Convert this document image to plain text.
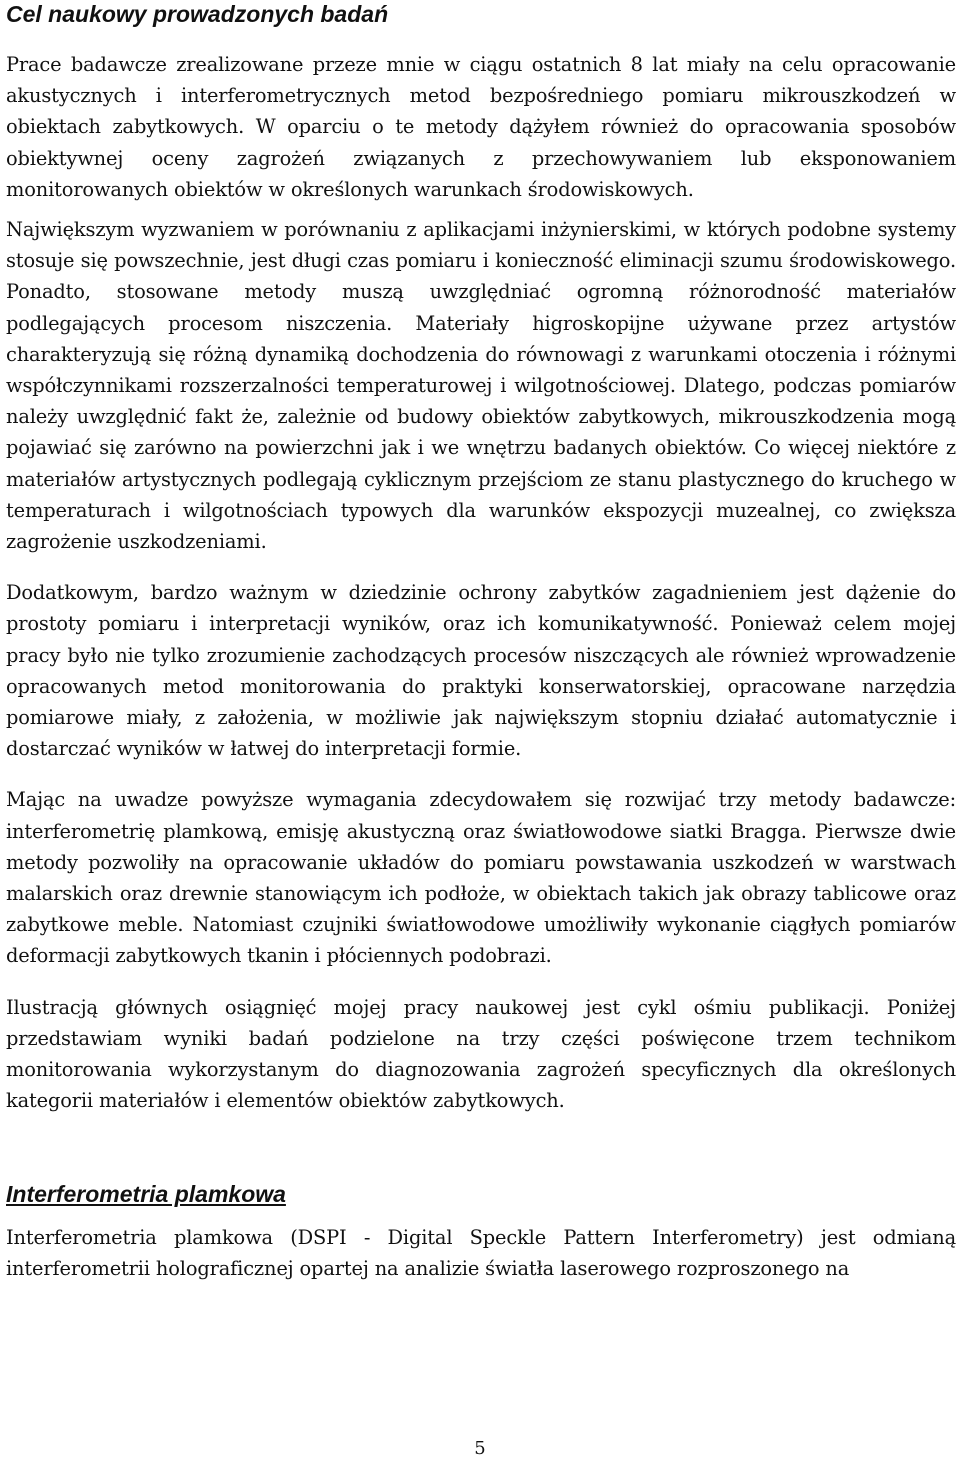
Cel naukowy prowadzonych badań

Prace badawcze zrealizowane przeze mnie w ciągu ostatnich 8 lat miały na celu opracowanie akustycznych i interferometrycznych metod bezpośredniego pomiaru mikrouszkodzeń w obiektach zabytkowych. W oparciu o te metody dążyłem również do opracowania sposobów obiektywnej oceny zagrożeń związanych z przechowywaniem lub eksponowaniem monitorowanych obiektów w określonych warunkach środowiskowych.

Największym wyzwaniem w porównaniu z aplikacjami inżynierskimi, w których podobne systemy stosuje się powszechnie, jest długi czas pomiaru i konieczność eliminacji szumu środowiskowego. Ponadto, stosowane metody muszą uwzględniać ogromną różnorodność materiałów podlegających procesom niszczenia. Materiały higroskopijne używane przez artystów charakteryzują się różną dynamiką dochodzenia do równowagi z warunkami otoczenia i różnymi współczynnikami rozszerzalności temperaturowej i wilgotnościowej. Dlatego, podczas pomiarów należy uwzględnić fakt że, zależnie od budowy obiektów zabytkowych, mikrouszkodzenia mogą pojawiać się zarówno na powierzchni jak i we wnętrzu badanych obiektów. Co więcej niektóre z materiałów artystycznych podlegają cyklicznym przejściom ze stanu plastycznego do kruchego w temperaturach i wilgotnościach typowych dla warunków ekspozycji muzealnej, co zwiększa zagrożenie uszkodzeniami.

Dodatkowym, bardzo ważnym w dziedzinie ochrony zabytków zagadnieniem jest dążenie do prostoty pomiaru i interpretacji wyników, oraz ich komunikatywność. Ponieważ celem mojej pracy było nie tylko zrozumienie zachodzących procesów niszczących ale również wprowadzenie opracowanych metod monitorowania do praktyki konserwatorskiej, opracowane narzędzia pomiarowe miały, z założenia, w możliwie jak największym stopniu działać automatycznie i dostarczać wyników w łatwej do interpretacji formie.

Mając na uwadze powyższe wymagania zdecydowałem się rozwijać trzy metody badawcze: interferometrię plamkową, emisję akustyczną oraz światłowodowe siatki Bragga. Pierwsze dwie metody pozwoliły na opracowanie układów do pomiaru powstawania uszkodzeń w warstwach malarskich oraz drewnie stanowiącym ich podłoże, w obiektach takich jak obrazy tablicowe oraz zabytkowe meble. Natomiast czujniki światłowodowe umożliwiły wykonanie ciągłych pomiarów deformacji zabytkowych tkanin i płóciennych podobrazi.

Ilustracją głównych osiągnięć mojej pracy naukowej jest cykl ośmiu publikacji. Poniżej przedstawiam wyniki badań podzielone na trzy części poświęcone trzem technikom monitorowania wykorzystanym do diagnozowania zagrożeń specyficznych dla określonych kategorii materiałów i elementów obiektów zabytkowych.

Interferometria plamkowa

Interferometria plamkowa (DSPI - Digital Speckle Pattern Interferometry) jest odmianą interferometrii holograficznej opartej na analizie światła laserowego rozproszonego na

5
